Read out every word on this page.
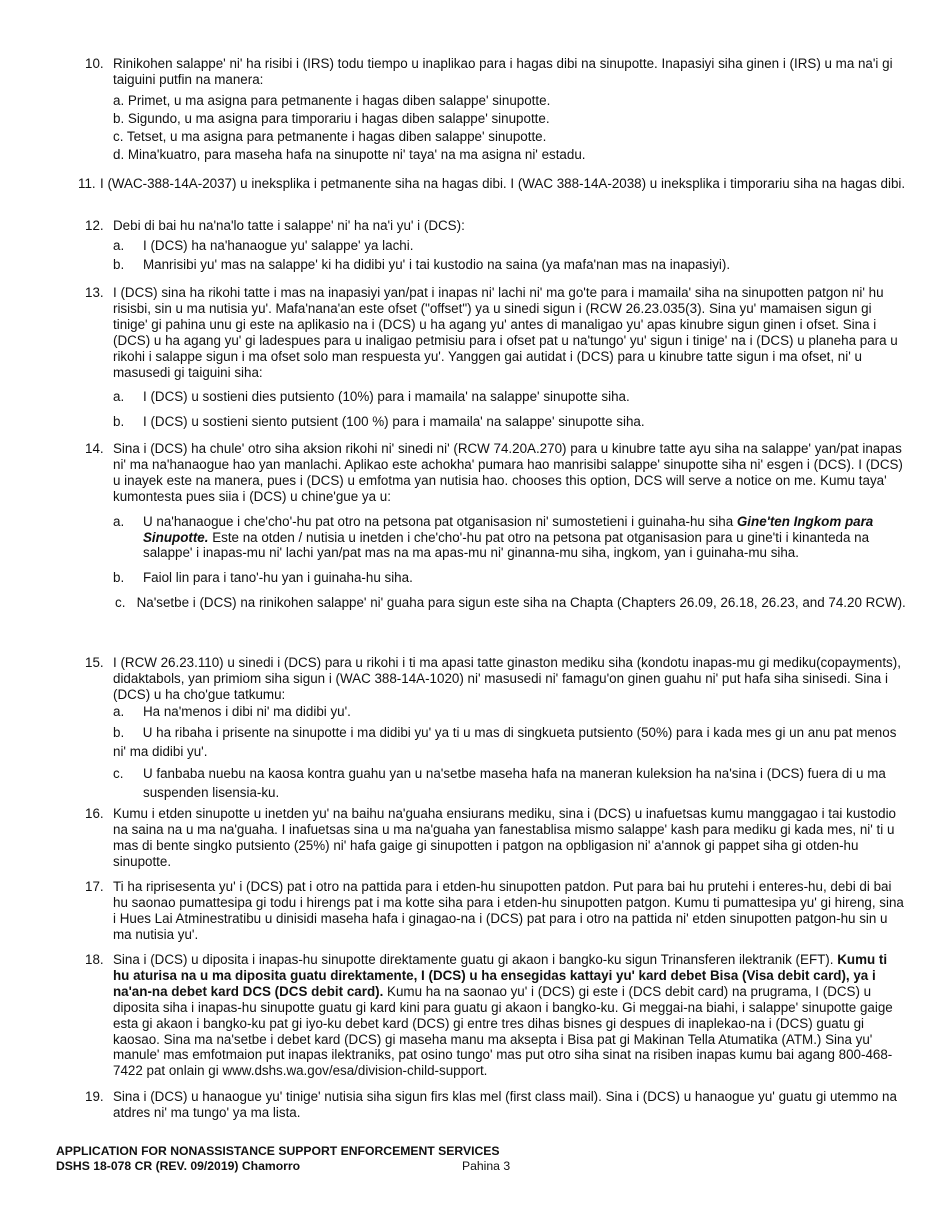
10. Rinikohen salappe' ni' ha risibi i (IRS) todu tiempo u inaplikao para i hagas dibi na sinupotte. Inapasiyi siha ginen i (IRS) u ma na'i gi taiguini putfin na manera:
a. Primet, u ma asigna para petmanente i hagas diben salappe' sinupotte.
b. Sigundo, u ma asigna para timporariu i hagas diben salappe' sinupotte.
c. Tetset, u ma asigna para petmanente i hagas diben salappe' sinupotte.
d. Mina'kuatro, para maseha hafa na sinupotte ni' taya' na ma asigna ni' estadu.
11. I (WAC-388-14A-2037) u ineksplika i petmanente siha na hagas dibi. I (WAC 388-14A-2038) u ineksplika i timporariu siha na hagas dibi.
12. Debi di bai hu na'na'lo tatte i salappe' ni' ha na'i yu' i (DCS):
a. I (DCS) ha na'hanaogue yu' salappe' ya lachi.
b. Manrisibi yu' mas na salappe' ki ha didibi yu' i tai kustodio na saina (ya mafa'nan mas na inapasiyi).
13. I (DCS) sina ha rikohi tatte i mas na inapasiyi yan/pat i inapas ni' lachi ni' ma go'te para i mamaila' siha na sinupotten patgon ni' hu risisbi, sin u ma nutisia yu'. Mafa'nana'an este ofset ("offset") ya u sinedi sigun i (RCW 26.23.035(3). Sina yu' mamaisen sigun gi tinige' gi pahina unu gi este na aplikasio na i (DCS) u ha agang yu' antes di manaligao yu' apas kinubre sigun ginen i ofset. Sina i (DCS) u ha agang yu' gi ladespues para u inaligao petmisiu para i ofset pat u na'tungo' yu' sigun i tinige' na i (DCS) u planeha para u rikohi i salappe sigun i ma ofset solo man respuesta yu'. Yanggen gai autidat i (DCS) para u kinubre tatte sigun i ma ofset, ni' u masusedi gi taiguini siha:
a. I (DCS) u sostieni dies putsiento (10%) para i mamaila' na salappe' sinupotte siha.
b. I (DCS) u sostieni siento putsient (100 %) para i mamaila' na salappe' sinupotte siha.
14. Sina i (DCS) ha chule' otro siha aksion rikohi ni' sinedi ni' (RCW 74.20A.270) para u kinubre tatte ayu siha na salappe' yan/pat inapas ni' ma na'hanaogue hao yan manlachi. Aplikao este achokha' pumara hao manrisibi salappe' sinupotte siha ni' esgen i (DCS). I (DCS) u inayek este na manera, pues i (DCS) u emfotma yan nutisia hao. chooses this option, DCS will serve a notice on me. Kumu taya' kumontesta pues siia i (DCS) u chine'gue ya u:
a. U na'hanaogue i che'cho'-hu pat otro na petsona pat otganisasion ni' sumostetieni i guinaha-hu siha Gine'ten Ingkom para Sinupotte. Este na otden / nutisia u inetden i che'cho'-hu pat otro na petsona pat otganisasion para u gine'ti i kinanteda na salappe' i inapas-mu ni' lachi yan/pat mas na ma apas-mu ni' ginanna-mu siha, ingkom, yan i guinaha-mu siha.
b. Faiol lin para i tano'-hu yan i guinaha-hu siha.
c. Na'setbe i (DCS) na rinikohen salappe' ni' guaha para sigun este siha na Chapta (Chapters 26.09, 26.18, 26.23, and 74.20 RCW).
15. I (RCW 26.23.110) u sinedi i (DCS) para u rikohi i ti ma apasi tatte ginaston mediku siha (kondotu inapas-mu gi mediku(copayments), didaktabols, yan primiom siha sigun i (WAC 388-14A-1020) ni' masusedi ni' famagu'on ginen guahu ni' put hafa siha sinisedi. Sina i (DCS) u ha cho'gue tatkumu:
a. Ha na'menos i dibi ni' ma didibi yu'.
b. U ha ribaha i prisente na sinupotte i ma didibi yu' ya ti u mas di singkueta putsiento (50%) para i kada mes gi un anu pat menos ni' ma didibi yu'.
c. U fanbaba nuebu na kaosa kontra guahu yan u na'setbe maseha hafa na maneran kuleksion ha na'sina i (DCS) fuera di u ma suspenden lisensia-ku.
16. Kumu i etden sinupotte u inetden yu' na baihu na'guaha ensiurans mediku, sina i (DCS) u inafuetsas kumu manggagao i tai kustodio na saina na u ma na'guaha. I inafuetsas sina u ma na'guaha yan fanestablisa mismo salappe' kash para mediku gi kada mes, ni' ti u mas di bente singko putsiento (25%) ni' hafa gaige gi sinupotten i patgon na opbligasion ni' a'annok gi pappet siha gi otden-hu sinupotte.
17. Ti ha riprisesenta yu' i (DCS) pat i otro na pattida para i etden-hu sinupotten patdon. Put para bai hu prutehi i enteres-hu, debi di bai hu saonao pumattesipa gi todu i hirengs pat i ma kotte siha para i etden-hu sinupotten patgon. Kumu ti pumattesipa yu' gi hireng, sina i Hues Lai Atminestratibu u dinisidi maseha hafa i ginagao-na i (DCS) pat para i otro na pattida ni' etden sinupotten patgon-hu sin u ma nutisia yu'.
18. Sina i (DCS) u diposita i inapas-hu sinupotte direktamente guatu gi akaon i bangko-ku sigun Trinansferen ilektranik (EFT). Kumu ti hu aturisa na u ma diposita guatu direktamente, I (DCS) u ha ensegidas kattayi yu' kard debet Bisa (Visa debit card), ya i na'an-na debet kard DCS (DCS debit card). Kumu ha na saonao yu' i (DCS) gi este i (DCS debit card) na prugrama, I (DCS) u diposita siha i inapas-hu sinupotte guatu gi kard kini para guatu gi akaon i bangko-ku. Gi meggai-na biahi, i salappe' sinupotte gaige esta gi akaon i bangko-ku pat gi iyo-ku debet kard (DCS) gi entre tres dihas bisnes gi despues di inaplekao-na i (DCS) guatu gi kaosao. Sina ma na'setbe i debet kard (DCS) gi maseha manu ma aksepta i Bisa pat gi Makinan Tella Atumatika (ATM.) Sina yu' manule' mas emfotmaion put inapas ilektraniks, pat osino tungo' mas put otro siha sinat na risiben inapas kumu bai agang 800-468-7422 pat onlain gi www.dshs.wa.gov/esa/division-child-support.
19. Sina i (DCS) u hanaogue yu' tinige' nutisia siha sigun firs klas mel (first class mail). Sina i (DCS) u hanaogue yu' guatu gi utemmo na atdres ni' ma tungo' ya ma lista.
APPLICATION FOR NONASSISTANCE SUPPORT ENFORCEMENT SERVICES
DSHS 18-078 CR (REV. 09/2019) Chamorro	Pahina 3
